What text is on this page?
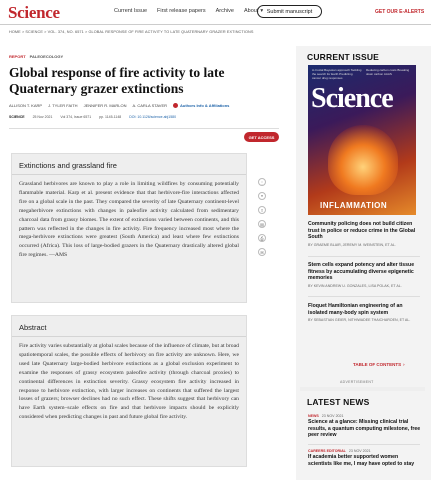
Science	Current Issue First release papers Archive About ▾ Submit manuscript	GET OUR E-ALERTS
HOME > SCIENCE > VOL. 374, NO. 6571 > GLOBAL RESPONSE OF FIRE ACTIVITY TO LATE QUATERNARY GRAZER EXTINCTIONS
REPORT PALEOECOLOGY
Global response of fire activity to late Quaternary grazer extinctions
ALLISON T. KARP J. TYLER FAITH JENNIFER R. MARLON A. CARLA STAVER	Authors Info & Affiliations
SCIENCE 25 Nov 2021 Vol 374, Issue 6571 pp. 1145-1148 DOI: 10.1126/science.abj1580
GET ACCESS
Extinctions and grassland fire

Grassland herbivores are known to play a role in limiting wildfires by consuming potentially flammable material. Karp et al. present evidence that that herbivore-fire interactions affected fire on a global scale in the past. They compared the severity of late Quaternary continent-level megaherbivore extinctions with changes in paleofire activity calculated from sedimentary charcoal data from grassy biomes. The extent of extinctions varied between continents, and this pattern was reflected in the changes in fire activity. Fire frequency increased most where the mega-herbivore extinctions were greatest (South America) and least where few extinctions occurred (Africa). This loss of large-bodied grazers in the Quaternary drastically altered global fire regimes. —AMS

⋮
❝
⇪
▤
⎙
✉
Abstract

Fire activity varies substantially at global scales because of the influence of climate, but at broad spatiotemporal scales, the possible effects of herbivory on fire activity are unknown. Here, we used late Quaternary large-bodied herbivore extinctions as a global exclusion experiment to examine the responses of grassy ecosystem paleofire activity (through charcoal proxies) to continental differences in extinction severity. Grassy ecosystem fire activity increased in response to herbivore extinction, with larger increases on continents that suffered the largest losses of grazers; browser declines had no such effect. These shifts suggest that herbivory can have Earth system–scale effects on fire and that herbivore impacts should be explicitly considered when predicting changes in past and future global fire activity.

CURRENT ISSUE
A crucial Bayesian approach Tackling the search for Earth Predicting cancer drug responses
Reducing carbon costs Breaking down carbon AAAS
Science
INFLAMMATION
Community policing does not build citizen trust in police or reduce crime in the Global South
BY GRAEME BLAIR, JEREMY M. WEINSTEIN, ET AL.
Stem cells expand potency and alter tissue fitness by accumulating diverse epigenetic memories
BY KEVIN ANDREW U. GONZALES, LISA POLAK, ET AL.
Floquet Hamiltonian engineering of an isolated many-body spin system
BY SEBASTIAN GEIER, NITHIWADEE THAICHAROEN, ET AL.
TABLE OF CONTENTS ›
ADVERTISEMENT
LATEST NEWS
NEWS 23 NOV 2021
Science at a glance: Missing clinical trial results, a quantum computing milestone, free peer review
CAREERS EDITORIAL 23 NOV 2021
If academia better supported women scientists like me, I may have opted to stay
